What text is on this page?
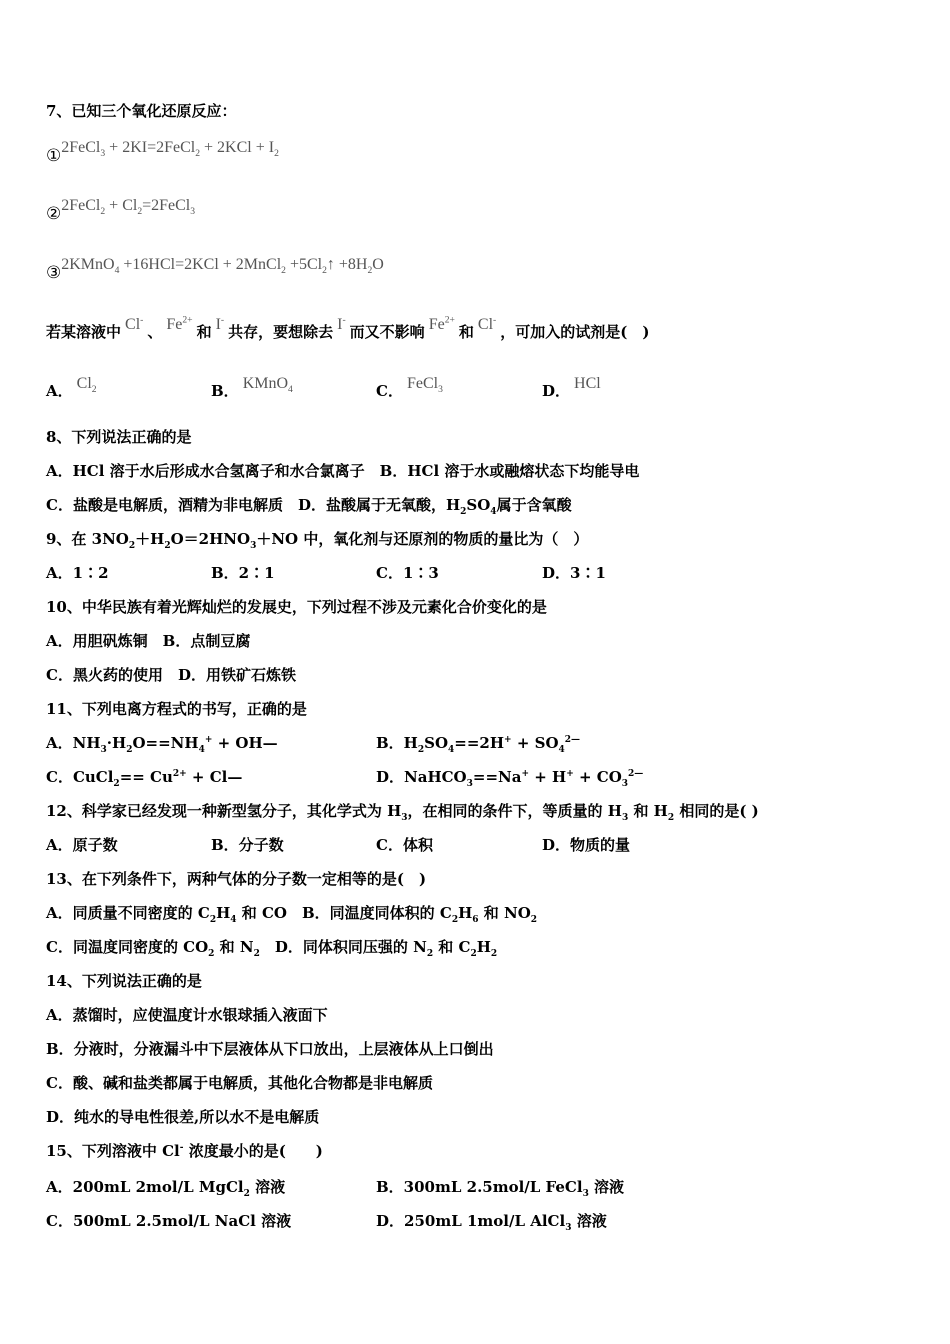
7、已知三个氧化还原反应：
①2FeCl$_3$ + 2KI=2FeCl$_2$ + $2KCl + I_2$
②2FeCl$_2$ + $Cl_2=2FeCl_3$
③2KMnO$_4$ +16HCl=2KCl + 2MnCl$_2$ $+5Cl_2↑ +8H_2O$
若某溶液中 Cl- 、 $Fe^{2+}$ 和 I- 共存，要想除去 I- 而又不影响 $Fe^{2+}$ 和 Cl- ，可加入的试剂是(　)
A． $Cl_2$	B． KMnO$_4$	C． FeCl$_3$	D． HCl
8、下列说法正确的是
A．HCl 溶于水后形成水合氢离子和水合氯离子　B．HCl 溶于水或融熔状态下均能导电
C．盐酸是电解质，酒精为非电解质　D．盐酸属于无氧酸，$H_2SO_4$属于含氧酸
9、在 $3NO_2+H_2O=2HNO_3+NO$ 中，氧化剂与还原剂的物质的量比为（　）
A．1∶2	B．2∶1	C．1∶3	D．3∶1
10、中华民族有着光辉灿烂的发展史，下列过程不涉及元素化合价变化的是
A．用胆矾炼铜　B．点制豆腐
C．黑火药的使用　D．用铁矿石炼铁
11、下列电离方程式的书写，正确的是
A．$NH_3\cdot H_2O==NH_4^+$ + OH—	B．$H_2SO_4==2H^+ + SO_4^{2—}$
C．CuCl$_2$== $Cu^{2+}$ + Cl—	D．NaHCO$_3$==Na+ + $H^+ + CO_3^{2—}$
12、科学家已经发现一种新型氢分子，其化学式为 $H_3$，在相同的条件下，等质量的 $H_3$ 和 $H_2$ 相同的是( )
A．原子数	B．分子数	C．体积	D．物质的量
13、在下列条件下，两种气体的分子数一定相等的是(　)
A．同质量不同密度的 $C_2H_4$ 和 CO　B．同温度同体积的 $C_2H_6$ 和 $NO_2$
C．同温度同密度的 $CO_2$ 和 $N_2$　D．同体积同压强的 $N_2$ 和 $C_2H_2$
14、下列说法正确的是
A．蒸馏时，应使温度计水银球插入液面下
B．分液时，分液漏斗中下层液体从下口放出，上层液体从上口倒出
C．酸、碱和盐类都属于电解质，其他化合物都是非电解质
D．纯水的导电性很差,所以水不是电解质
15、下列溶液中 Cl- 浓度最小的是(　　)
A．200mL 2mol/L MgCl$_2$ 溶液	B．300mL 2.5mol/L FeCl$_3$ 溶液
C．500mL 2.5mol/L NaCl 溶液	D．250mL 1mol/L AlCl$_3$ 溶液
